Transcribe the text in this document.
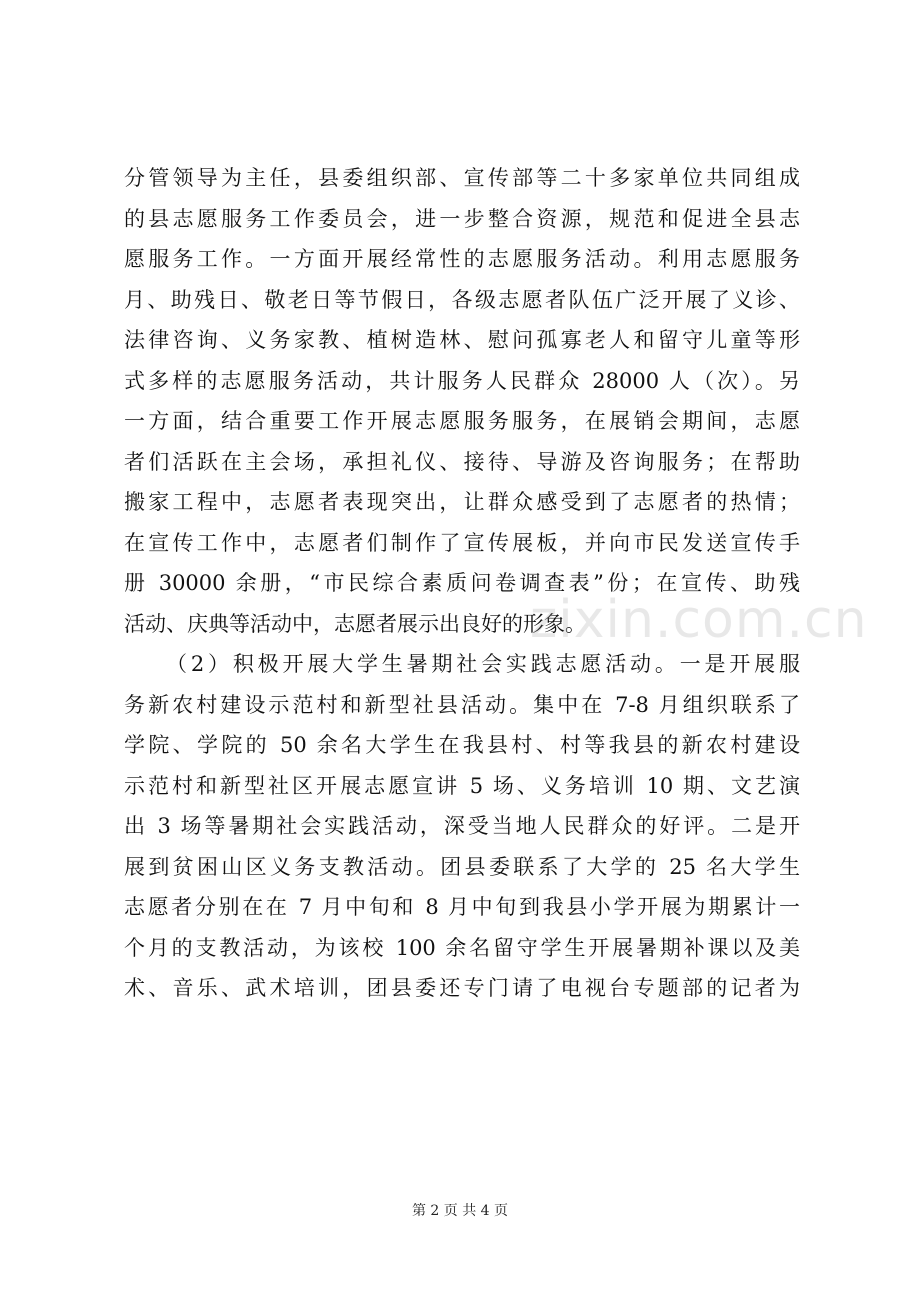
分管领导为主任，县委组织部、宣传部等二十多家单位共同组成
的县志愿服务工作委员会，进一步整合资源，规范和促进全县志
愿服务工作。一方面开展经常性的志愿服务活动。利用志愿服务
月、助残日、敬老日等节假日，各级志愿者队伍广泛开展了义诊、
法律咨询、义务家教、植树造林、慰问孤寡老人和留守儿童等形
式多样的志愿服务活动，共计服务人民群众 28000 人（次）。另
一方面，结合重要工作开展志愿服务服务，在展销会期间，志愿
者们活跃在主会场，承担礼仪、接待、导游及咨询服务；在帮助
搬家工程中，志愿者表现突出，让群众感受到了志愿者的热情；
在宣传工作中，志愿者们制作了宣传展板，并向市民发送宣传手
册 30000 余册，“市民综合素质问卷调查表”份；在宣传、助残
活动、庆典等活动中，志愿者展示出良好的形象。
（2）积极开展大学生暑期社会实践志愿活动。一是开展服
务新农村建设示范村和新型社县活动。集中在 7-8 月组织联系了
学院、学院的 50 余名大学生在我县村、村等我县的新农村建设
示范村和新型社区开展志愿宣讲 5 场、义务培训 10 期、文艺演
出 3 场等暑期社会实践活动，深受当地人民群众的好评。二是开
展到贫困山区义务支教活动。团县委联系了大学的 25 名大学生
志愿者分别在在 7 月中旬和 8 月中旬到我县小学开展为期累计一
个月的支教活动，为该校 100 余名留守学生开展暑期补课以及美
术、音乐、武术培训，团县委还专门请了电视台专题部的记者为
zixin.com.cn
第 2 页 共 4 页
